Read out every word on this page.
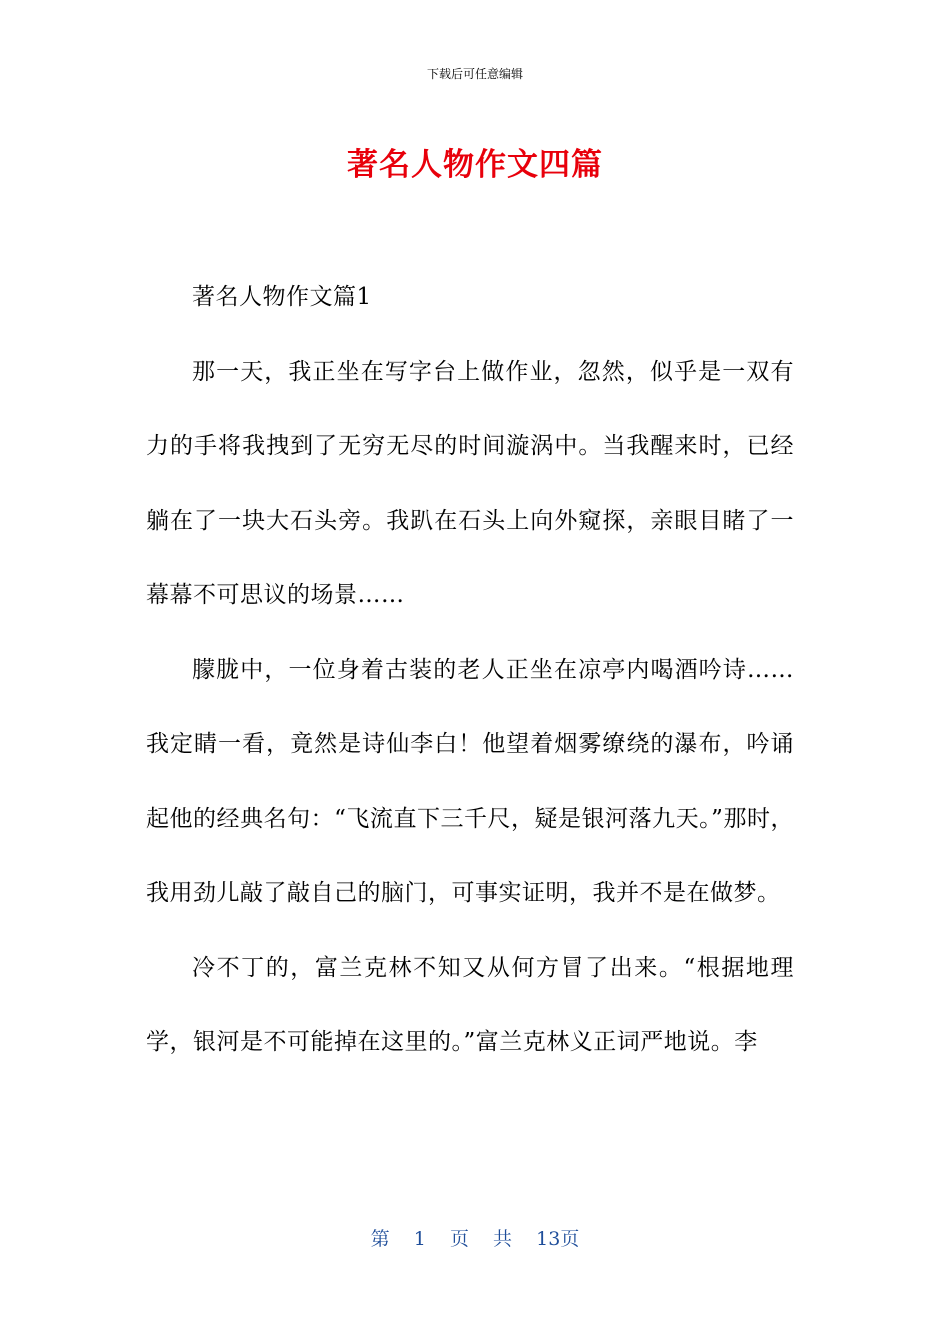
下载后可任意编辑
著名人物作文四篇

著名人物作文篇1

那一天，我正坐在写字台上做作业，忽然，似乎是一双有力的手将我拽到了无穷无尽的时间漩涡中。当我醒来时，已经躺在了一块大石头旁。我趴在石头上向外窥探，亲眼目睹了一幕幕不可思议的场景……

朦胧中，一位身着古装的老人正坐在凉亭内喝酒吟诗……我定睛一看，竟然是诗仙李白！他望着烟雾缭绕的瀑布，吟诵起他的经典名句：“飞流直下三千尺，疑是银河落九天。”那时，我用劲儿敲了敲自己的脑门，可事实证明，我并不是在做梦。

冷不丁的，富兰克林不知又从何方冒了出来。“根据地理学，银河是不可能掉在这里的。”富兰克林义正词严地说。李

第 1 页 共 13页
